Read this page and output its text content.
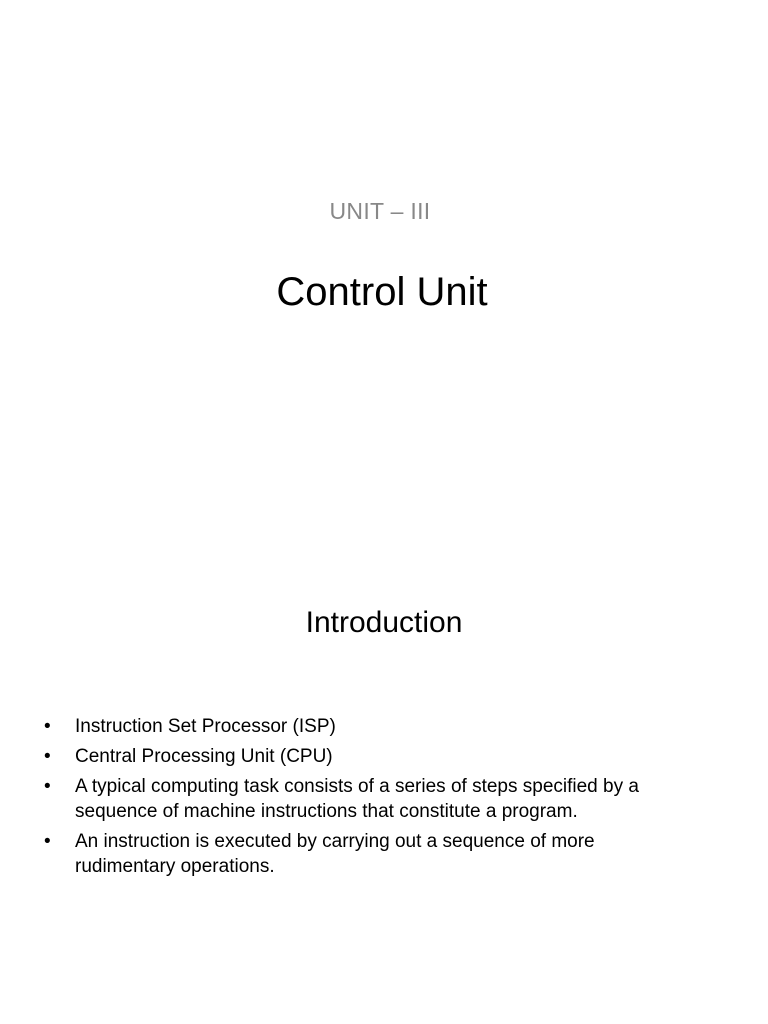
UNIT – III
Control Unit
Introduction
• Instruction Set Processor (ISP)
• Central Processing Unit (CPU)
• A typical computing task consists of a series of steps specified by a sequence of machine instructions that constitute a program.
• An instruction is executed by carrying out a sequence of more rudimentary operations.
